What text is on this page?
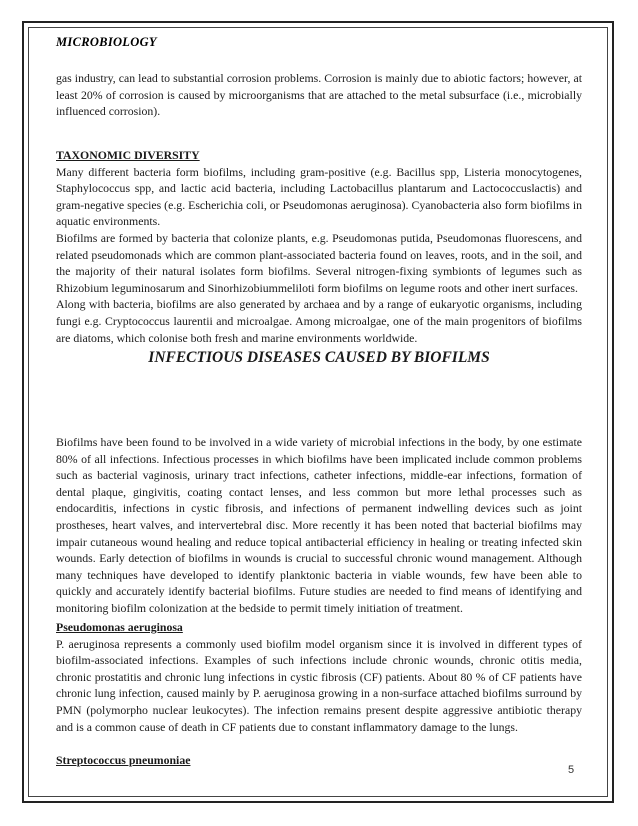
MICROBIOLOGY

gas industry, can lead to substantial corrosion problems. Corrosion is mainly due to abiotic factors; however, at least 20% of corrosion is caused by microorganisms that are attached to the metal subsurface (i.e., microbially influenced corrosion).

TAXONOMIC DIVERSITY

Many different bacteria form biofilms, including gram-positive (e.g. Bacillus spp, Listeria monocytogenes, Staphylococcus spp, and lactic acid bacteria, including Lactobacillus plantarum and Lactococcuslactis) and gram-negative species (e.g. Escherichia coli, or Pseudomonas aeruginosa). Cyanobacteria also form biofilms in aquatic environments.

Biofilms are formed by bacteria that colonize plants, e.g. Pseudomonas putida, Pseudomonas fluorescens, and related pseudomonads which are common plant-associated bacteria found on leaves, roots, and in the soil, and the majority of their natural isolates form biofilms. Several nitrogen-fixing symbionts of legumes such as Rhizobium leguminosarum and Sinorhizobiummeliloti form biofilms on legume roots and other inert surfaces.

Along with bacteria, biofilms are also generated by archaea and by a range of eukaryotic organisms, including fungi e.g. Cryptococcus laurentii and microalgae. Among microalgae, one of the main progenitors of biofilms are diatoms, which colonise both fresh and marine environments worldwide.

INFECTIOUS DISEASES CAUSED BY BIOFILMS

Biofilms have been found to be involved in a wide variety of microbial infections in the body, by one estimate 80% of all infections. Infectious processes in which biofilms have been implicated include common problems such as bacterial vaginosis, urinary tract infections, catheter infections, middle-ear infections, formation of dental plaque, gingivitis, coating contact lenses, and less common but more lethal processes such as endocarditis, infections in cystic fibrosis, and infections of permanent indwelling devices such as joint prostheses, heart valves, and intervertebral disc. More recently it has been noted that bacterial biofilms may impair cutaneous wound healing and reduce topical antibacterial efficiency in healing or treating infected skin wounds. Early detection of biofilms in wounds is crucial to successful chronic wound management. Although many techniques have developed to identify planktonic bacteria in viable wounds, few have been able to quickly and accurately identify bacterial biofilms. Future studies are needed to find means of identifying and monitoring biofilm colonization at the bedside to permit timely initiation of treatment.

Pseudomonas aeruginosa

P. aeruginosa represents a commonly used biofilm model organism since it is involved in different types of biofilm-associated infections. Examples of such infections include chronic wounds, chronic otitis media, chronic prostatitis and chronic lung infections in cystic fibrosis (CF) patients. About 80 % of CF patients have chronic lung infection, caused mainly by P. aeruginosa growing in a non-surface attached biofilms surround by PMN (polymorpho nuclear leukocytes). The infection remains present despite aggressive antibiotic therapy and is a common cause of death in CF patients due to constant inflammatory damage to the lungs.

Streptococcus pneumoniae

5
